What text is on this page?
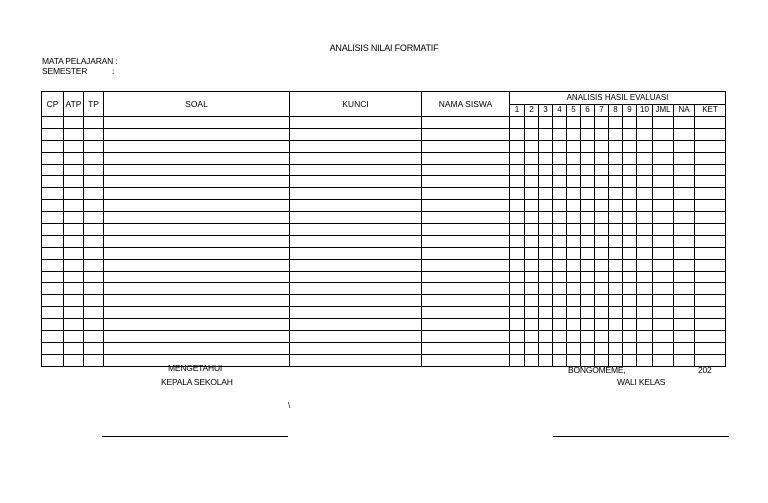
ANALISIS NILAI FORMATIF
MATA PELAJARAN :
SEMESTER	:
CP	ATP	TP	SOAL	KUNCI	NAMA SISWA	ANALISIS HASIL EVALUASI												
						1	2	3	4	5	6	7	8	9	10	JML	NA	KET

MENGETAHUI
KEPALA SEKOLAH
BONGOMEME,	202
WALI KELAS
\
